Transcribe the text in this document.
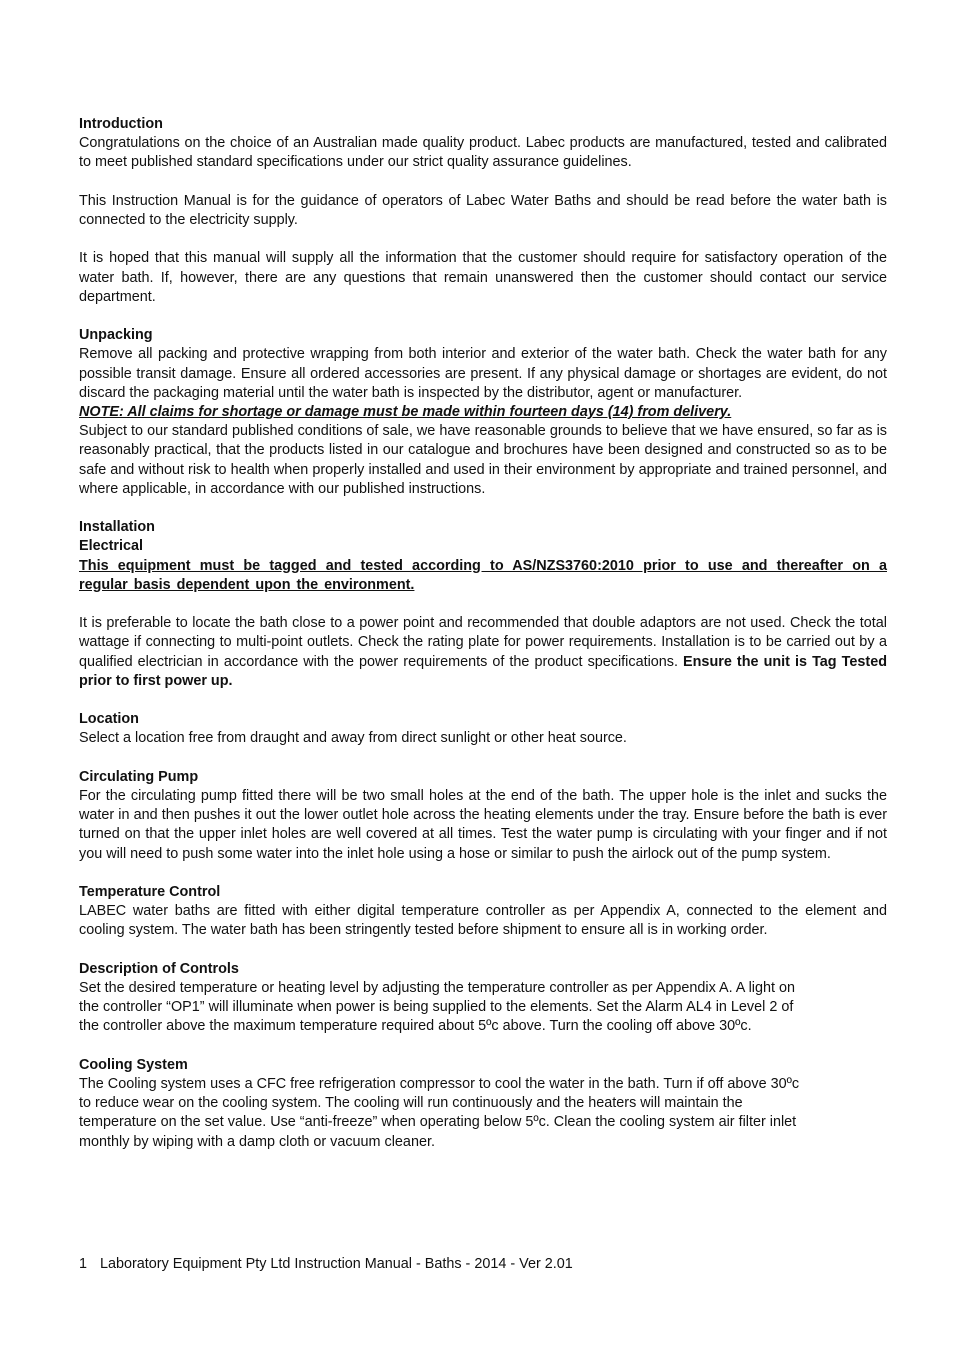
Introduction

Congratulations on the choice of an Australian made quality product. Labec products are manufactured, tested and calibrated to meet published standard specifications under our strict quality assurance guidelines.

This Instruction Manual is for the guidance of operators of Labec Water Baths and should be read before the water bath is connected to the electricity supply.

It is hoped that this manual will supply all the information that the customer should require for satisfactory operation of the water bath. If, however, there are any questions that remain unanswered then the customer should contact our service department.

Unpacking

Remove all packing and protective wrapping from both interior and exterior of the water bath. Check the water bath for any possible transit damage. Ensure all ordered accessories are present. If any physical damage or shortages are evident, do not discard the packaging material until the water bath is inspected by the distributor, agent or manufacturer.

NOTE: All claims for shortage or damage must be made within fourteen days (14) from delivery.

Subject to our standard published conditions of sale, we have reasonable grounds to believe that we have ensured, so far as is reasonably practical, that the products listed in our catalogue and brochures have been designed and constructed so as to be safe and without risk to health when properly installed and used in their environment by appropriate and trained personnel, and where applicable, in accordance with our published instructions.

Installation

Electrical

This equipment must be tagged and tested according to AS/NZS3760:2010 prior to use and thereafter on a regular basis dependent upon the environment.

It is preferable to locate the bath close to a power point and recommended that double adaptors are not used. Check the total wattage if connecting to multi-point outlets. Check the rating plate for power requirements. Installation is to be carried out by a qualified electrician in accordance with the power requirements of the product specifications. Ensure the unit is Tag Tested prior to first power up.

Location

Select a location free from draught and away from direct sunlight or other heat source.

Circulating Pump

For the circulating pump fitted there will be two small holes at the end of the bath. The upper hole is the inlet and sucks the water in and then pushes it out the lower outlet hole across the heating elements under the tray. Ensure before the bath is ever turned on that the upper inlet holes are well covered at all times. Test the water pump is circulating with your finger and if not you will need to push some water into the inlet hole using a hose or similar to push the airlock out of the pump system.

Temperature Control

LABEC water baths are fitted with either digital temperature controller as per Appendix A, connected to the element and cooling system. The water bath has been stringently tested before shipment to ensure all is in working order.

Description of Controls

Set the desired temperature or heating level by adjusting the temperature controller as per Appendix A. A light on

the controller “OP1” will illuminate when power is being supplied to the elements. Set the Alarm AL4 in Level 2 of

the controller above the maximum temperature required about 5ºc above. Turn the cooling off above 30ºc.

Cooling System

The Cooling system uses a CFC free refrigeration compressor to cool the water in the bath. Turn if off above 30ºc

to reduce wear on the cooling system. The cooling will run continuously and the heaters will maintain the

temperature on the set value. Use “anti-freeze” when operating below 5ºc. Clean the cooling system air filter inlet

monthly by wiping with a damp cloth or vacuum cleaner.

1 Laboratory Equipment Pty Ltd Instruction Manual - Baths - 2014 - Ver 2.01
